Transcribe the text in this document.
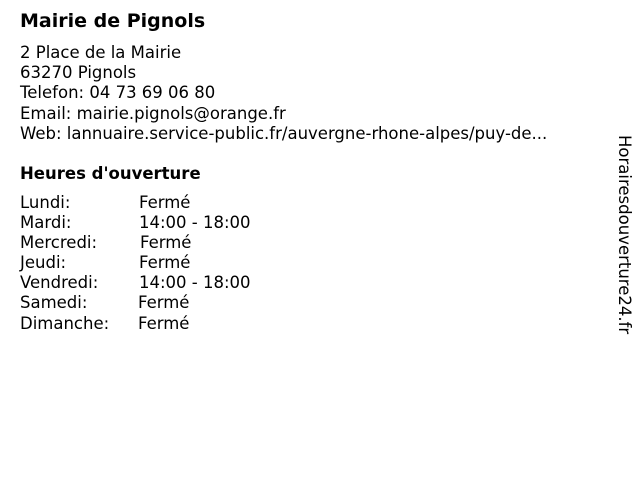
Mairie de Pignols
2 Place de la Mairie
63270 Pignols
Telefon: 04 73 69 06 80
Email: mairie.pignols@orange.fr
Web: lannuaire.service-public.fr/auvergne-rhone-alpes/puy-de...
Heures d'ouverture
Lundi:	Fermé
Mardi:	14:00 - 18:00
Mercredi:	Fermé
Jeudi:	Fermé
Vendredi: 14:00 - 18:00
Samedi:	Fermé
Dimanche: Fermé	Horairesdouverture24.fr
